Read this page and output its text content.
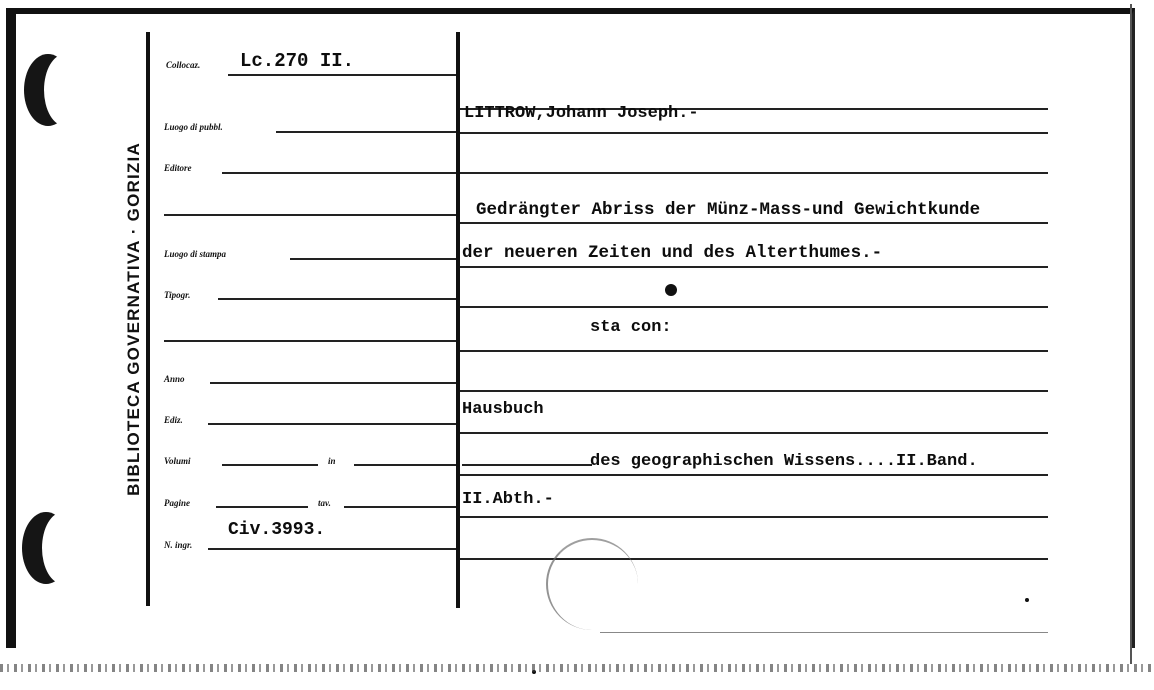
BIBLIOTECA GOVERNATIVA · GORIZIA
Collocaz. Lc.270 II.
Luogo di pubbl.
Editore
Luogo di stampa
Tipogr.
Anno
Ediz.
Volumi	in
Pagine	tav.
N. ingr.
Civ.3993.
LITTROW,Johann Joseph.-
Gedrängter Abriss der Münz-Mass-und Gewichtkunde
der neueren Zeiten und des Alterthumes.-
sta con:
Hausbuch
des geographischen Wissens....II.Band.
II.Abth.-
